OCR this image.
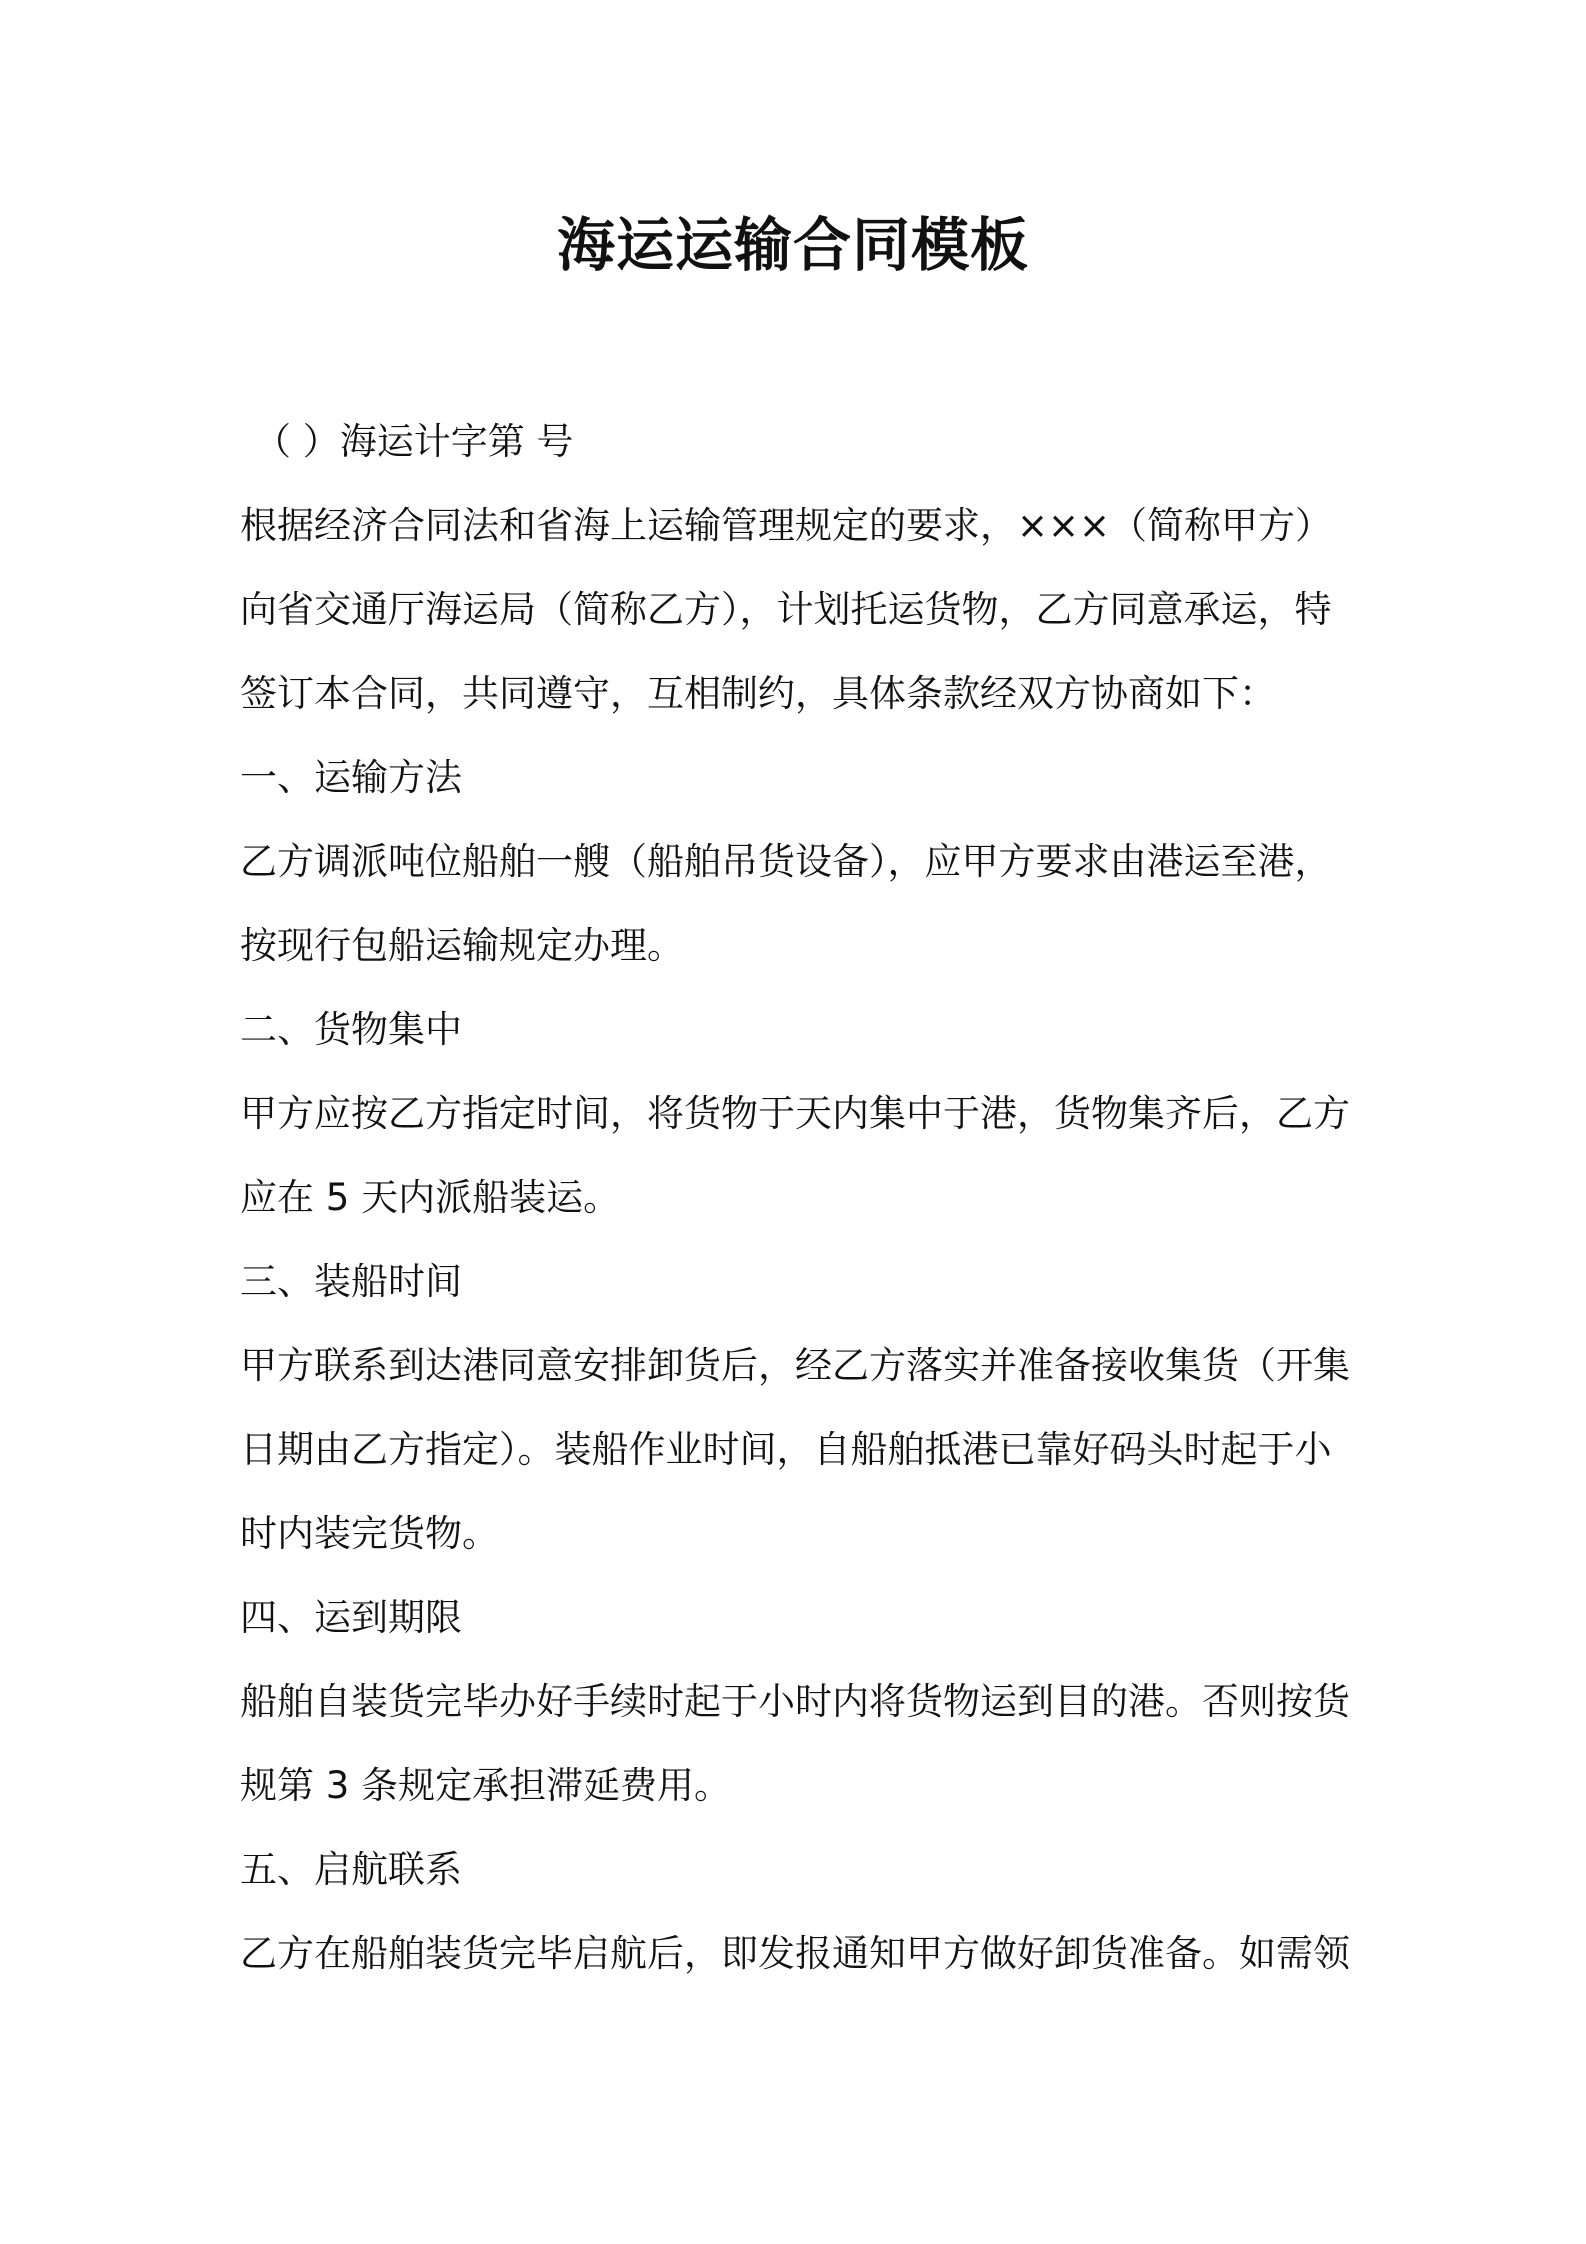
海运运输合同模板

（ ）海运计字第 号

根据经济合同法和省海上运输管理规定的要求，×××（简称甲方）

向省交通厅海运局（简称乙方），计划托运货物，乙方同意承运，特

签订本合同，共同遵守，互相制约，具体条款经双方协商如下：

一、运输方法

乙方调派吨位船舶一艘（船舶吊货设备），应甲方要求由港运至港，

按现行包船运输规定办理。

二、货物集中

甲方应按乙方指定时间，将货物于天内集中于港，货物集齐后，乙方

应在 5 天内派船装运。

三、装船时间

甲方联系到达港同意安排卸货后，经乙方落实并准备接收集货（开集

日期由乙方指定）。装船作业时间，自船舶抵港已靠好码头时起于小

时内装完货物。

四、运到期限

船舶自装货完毕办好手续时起于小时内将货物运到目的港。否则按货

规第 3 条规定承担滞延费用。

五、启航联系

乙方在船舶装货完毕启航后，即发报通知甲方做好卸货准备。如需领
